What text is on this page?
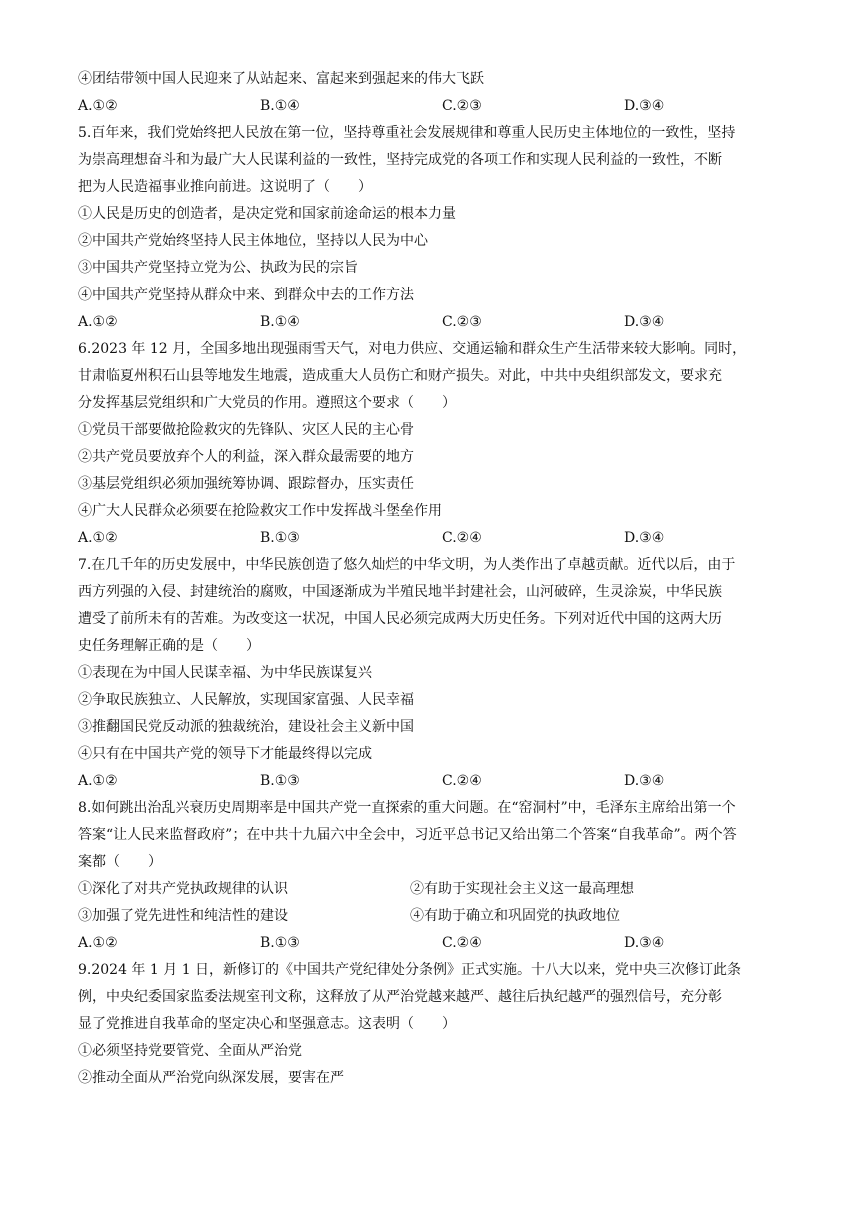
④团结带领中国人民迎来了从站起来、富起来到强起来的伟大飞跃
A.①②	B.①④	C.②③	D.③④
5.百年来，我们党始终把人民放在第一位，坚持尊重社会发展规律和尊重人民历史主体地位的一致性，坚持
为崇高理想奋斗和为最广大人民谋利益的一致性，坚持完成党的各项工作和实现人民利益的一致性，不断
把为人民造福事业推向前进。这说明了（　　）
①人民是历史的创造者，是决定党和国家前途命运的根本力量
②中国共产党始终坚持人民主体地位，坚持以人民为中心
③中国共产党坚持立党为公、执政为民的宗旨
④中国共产党坚持从群众中来、到群众中去的工作方法
A.①②	B.①④	C.②③	D.③④
6.2023 年 12 月，全国多地出现强雨雪天气，对电力供应、交通运输和群众生产生活带来较大影响。同时，
甘肃临夏州积石山县等地发生地震，造成重大人员伤亡和财产损失。对此，中共中央组织部发文，要求充
分发挥基层党组织和广大党员的作用。遵照这个要求（　　）
①党员干部要做抢险救灾的先锋队、灾区人民的主心骨
②共产党员要放弃个人的利益，深入群众最需要的地方
③基层党组织必须加强统筹协调、跟踪督办，压实责任
④广大人民群众必须要在抢险救灾工作中发挥战斗堡垒作用
A.①②	B.①③	C.②④	D.③④
7.在几千年的历史发展中，中华民族创造了悠久灿烂的中华文明，为人类作出了卓越贡献。近代以后，由于
西方列强的入侵、封建统治的腐败，中国逐渐成为半殖民地半封建社会，山河破碎，生灵涂炭，中华民族
遭受了前所未有的苦难。为改变这一状况，中国人民必须完成两大历史任务。下列对近代中国的这两大历
史任务理解正确的是（　　）
①表现在为中国人民谋幸福、为中华民族谋复兴
②争取民族独立、人民解放，实现国家富强、人民幸福
③推翻国民党反动派的独裁统治，建设社会主义新中国
④只有在中国共产党的领导下才能最终得以完成
A.①②	B.①③	C.②④	D.③④
8.如何跳出治乱兴衰历史周期率是中国共产党一直探索的重大问题。在“窑洞村”中，毛泽东主席给出第一个
答案“让人民来监督政府”；在中共十九届六中全会中，习近平总书记又给出第二个答案“自我革命”。两个答
案都（　　）
①深化了对共产党执政规律的认识	②有助于实现社会主义这一最高理想
③加强了党先进性和纯洁性的建设	④有助于确立和巩固党的执政地位
A.①②	B.①③	C.②④	D.③④
9.2024 年 1 月 1 日，新修订的《中国共产党纪律处分条例》正式实施。十八大以来，党中央三次修订此条
例，中央纪委国家监委法规室刊文称，这释放了从严治党越来越严、越往后执纪越严的强烈信号，充分彰
显了党推进自我革命的坚定决心和坚强意志。这表明（　　）
①必须坚持党要管党、全面从严治党
②推动全面从严治党向纵深发展，要害在严
